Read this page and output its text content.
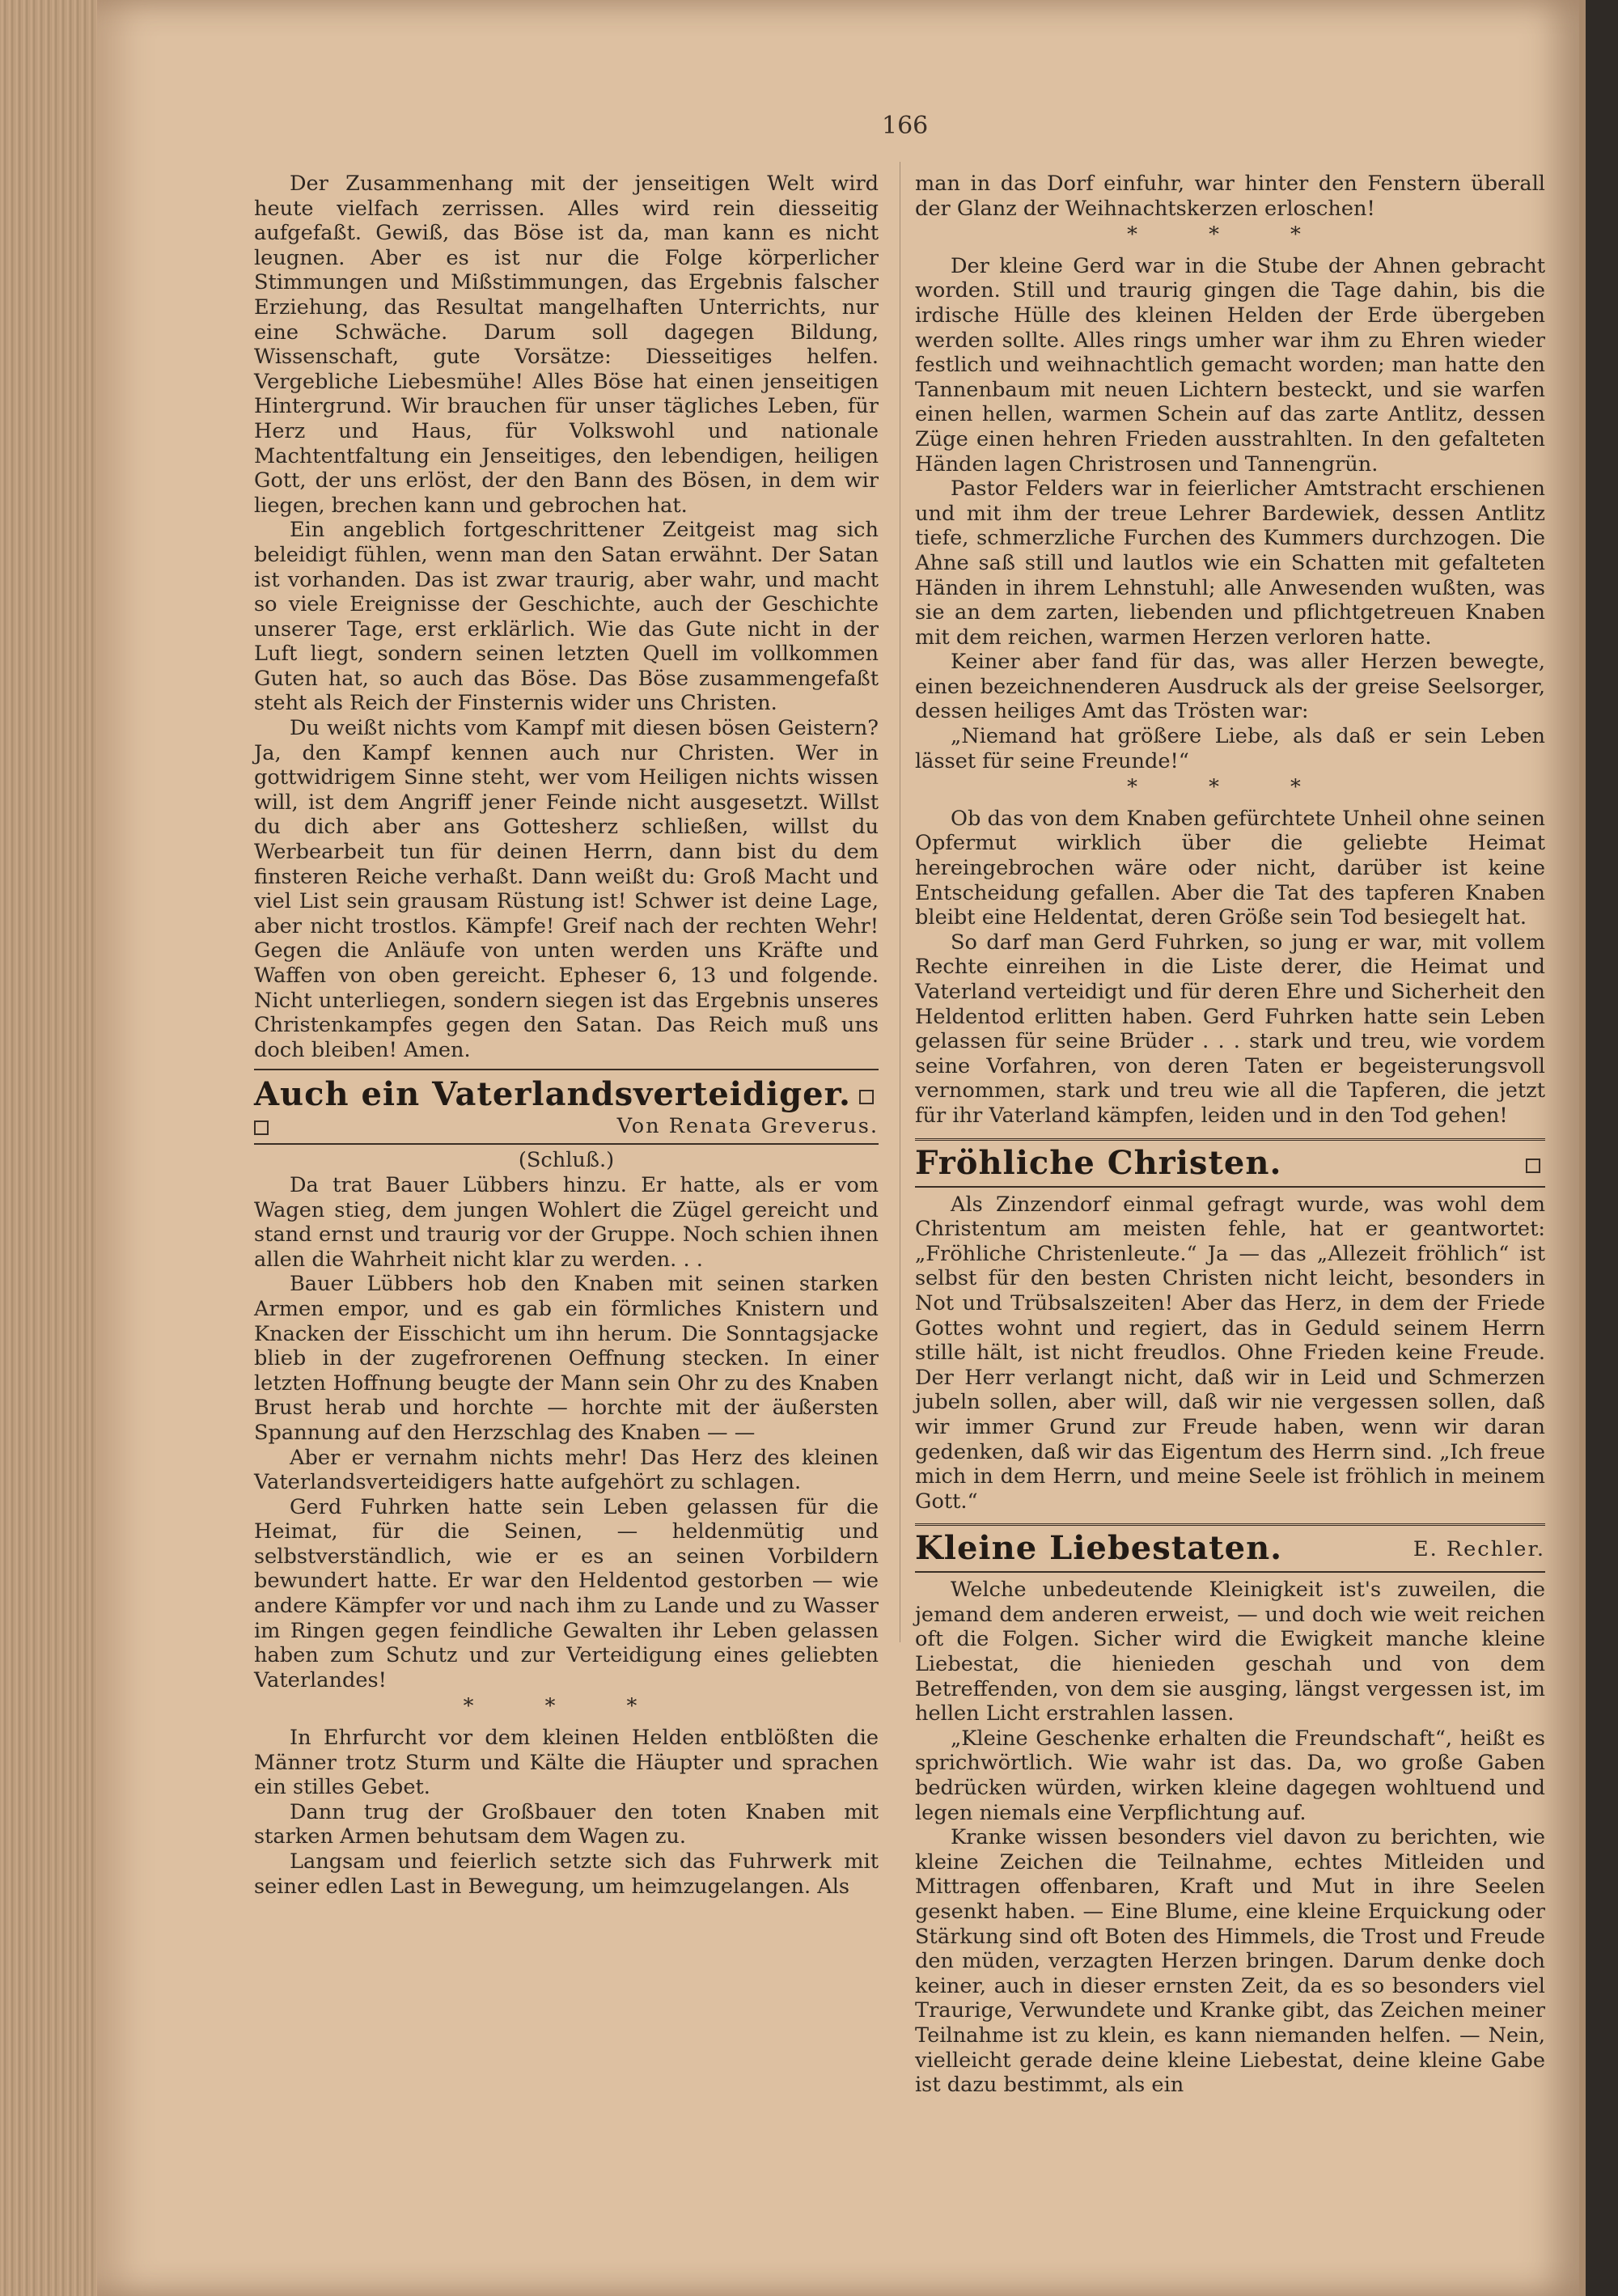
166

Der Zusammenhang mit der jenseitigen Welt wird heute vielfach zerrissen. Alles wird rein diesseitig aufgefaßt. Gewiß, das Böse ist da, man kann es nicht leugnen. Aber es ist nur die Folge körperlicher Stimmungen und Mißstimmungen, das Ergebnis falscher Erziehung, das Resultat mangelhaften Unterrichts, nur eine Schwäche. Darum soll dagegen Bildung, Wissenschaft, gute Vorsätze: Diesseitiges helfen. Vergebliche Liebesmühe! Alles Böse hat einen jenseitigen Hintergrund. Wir brauchen für unser tägliches Leben, für Herz und Haus, für Volkswohl und nationale Machtentfaltung ein Jenseitiges, den lebendigen, heiligen Gott, der uns erlöst, der den Bann des Bösen, in dem wir liegen, brechen kann und gebrochen hat.

Ein angeblich fortgeschrittener Zeitgeist mag sich beleidigt fühlen, wenn man den Satan erwähnt. Der Satan ist vorhanden. Das ist zwar traurig, aber wahr, und macht so viele Ereignisse der Geschichte, auch der Geschichte unserer Tage, erst erklärlich. Wie das Gute nicht in der Luft liegt, sondern seinen letzten Quell im vollkommen Guten hat, so auch das Böse. Das Böse zusammengefaßt steht als Reich der Finsternis wider uns Christen.

Du weißt nichts vom Kampf mit diesen bösen Geistern? Ja, den Kampf kennen auch nur Christen. Wer in gottwidrigem Sinne steht, wer vom Heiligen nichts wissen will, ist dem Angriff jener Feinde nicht ausgesetzt. Willst du dich aber ans Gottesherz schließen, willst du Werbearbeit tun für deinen Herrn, dann bist du dem finsteren Reiche verhaßt. Dann weißt du: Groß Macht und viel List sein grausam Rüstung ist! Schwer ist deine Lage, aber nicht trostlos. Kämpfe! Greif nach der rechten Wehr! Gegen die Anläufe von unten werden uns Kräfte und Waffen von oben gereicht. Epheser 6, 13 und folgende. Nicht unterliegen, sondern siegen ist das Ergebnis unseres Christenkampfes gegen den Satan. Das Reich muß uns doch bleiben! Amen.

Auch ein Vaterlandsverteidiger.
Von Renata Greverus.

(Schluß.)

Da trat Bauer Lübbers hinzu. Er hatte, als er vom Wagen stieg, dem jungen Wohlert die Zügel gereicht und stand ernst und traurig vor der Gruppe. Noch schien ihnen allen die Wahrheit nicht klar zu werden. . .

Bauer Lübbers hob den Knaben mit seinen starken Armen empor, und es gab ein förmliches Knistern und Knacken der Eisschicht um ihn herum. Die Sonntagsjacke blieb in der zugefrorenen Oeffnung stecken. In einer letzten Hoffnung beugte der Mann sein Ohr zu des Knaben Brust herab und horchte — horchte mit der äußersten Spannung auf den Herzschlag des Knaben — —

Aber er vernahm nichts mehr! Das Herz des kleinen Vaterlandsverteidigers hatte aufgehört zu schlagen.

Gerd Fuhrken hatte sein Leben gelassen für die Heimat, für die Seinen, — heldenmütig und selbstverständlich, wie er es an seinen Vorbildern bewundert hatte. Er war den Heldentod gestorben — wie andere Kämpfer vor und nach ihm zu Lande und zu Wasser im Ringen gegen feindliche Gewalten ihr Leben gelassen haben zum Schutz und zur Verteidigung eines geliebten Vaterlandes!

* * *

In Ehrfurcht vor dem kleinen Helden entblößten die Männer trotz Sturm und Kälte die Häupter und sprachen ein stilles Gebet.

Dann trug der Großbauer den toten Knaben mit starken Armen behutsam dem Wagen zu.

Langsam und feierlich setzte sich das Fuhrwerk mit seiner edlen Last in Bewegung, um heimzugelangen. Als

man in das Dorf einfuhr, war hinter den Fenstern überall der Glanz der Weihnachtskerzen erloschen!

* * *

Der kleine Gerd war in die Stube der Ahnen gebracht worden. Still und traurig gingen die Tage dahin, bis die irdische Hülle des kleinen Helden der Erde übergeben werden sollte. Alles rings umher war ihm zu Ehren wieder festlich und weihnachtlich gemacht worden; man hatte den Tannenbaum mit neuen Lichtern besteckt, und sie warfen einen hellen, warmen Schein auf das zarte Antlitz, dessen Züge einen hehren Frieden ausstrahlten. In den gefalteten Händen lagen Christrosen und Tannengrün.

Pastor Felders war in feierlicher Amtstracht erschienen und mit ihm der treue Lehrer Bardewiek, dessen Antlitz tiefe, schmerzliche Furchen des Kummers durchzogen. Die Ahne saß still und lautlos wie ein Schatten mit gefalteten Händen in ihrem Lehnstuhl; alle Anwesenden wußten, was sie an dem zarten, liebenden und pflichtgetreuen Knaben mit dem reichen, warmen Herzen verloren hatte.

Keiner aber fand für das, was aller Herzen bewegte, einen bezeichnenderen Ausdruck als der greise Seelsorger, dessen heiliges Amt das Trösten war:

„Niemand hat größere Liebe, als daß er sein Leben lässet für seine Freunde!“

* * *

Ob das von dem Knaben gefürchtete Unheil ohne seinen Opfermut wirklich über die geliebte Heimat hereingebrochen wäre oder nicht, darüber ist keine Entscheidung gefallen. Aber die Tat des tapferen Knaben bleibt eine Heldentat, deren Größe sein Tod besiegelt hat.

So darf man Gerd Fuhrken, so jung er war, mit vollem Rechte einreihen in die Liste derer, die Heimat und Vaterland verteidigt und für deren Ehre und Sicherheit den Heldentod erlitten haben. Gerd Fuhrken hatte sein Leben gelassen für seine Brüder . . . stark und treu, wie vordem seine Vorfahren, von deren Taten er begeisterungsvoll vernommen, stark und treu wie all die Tapferen, die jetzt für ihr Vaterland kämpfen, leiden und in den Tod gehen!

Fröhliche Christen.

Als Zinzendorf einmal gefragt wurde, was wohl dem Christentum am meisten fehle, hat er geantwortet: „Fröhliche Christenleute.“ Ja — das „Allezeit fröhlich“ ist selbst für den besten Christen nicht leicht, besonders in Not und Trübsalszeiten! Aber das Herz, in dem der Friede Gottes wohnt und regiert, das in Geduld seinem Herrn stille hält, ist nicht freudlos. Ohne Frieden keine Freude. Der Herr verlangt nicht, daß wir in Leid und Schmerzen jubeln sollen, aber will, daß wir nie vergessen sollen, daß wir immer Grund zur Freude haben, wenn wir daran gedenken, daß wir das Eigentum des Herrn sind. „Ich freue mich in dem Herrn, und meine Seele ist fröhlich in meinem Gott.“

Kleine Liebestaten.	E. Rechler.

Welche unbedeutende Kleinigkeit ist's zuweilen, die jemand dem anderen erweist, — und doch wie weit reichen oft die Folgen. Sicher wird die Ewigkeit manche kleine Liebestat, die hienieden geschah und von dem Betreffenden, von dem sie ausging, längst vergessen ist, im hellen Licht erstrahlen lassen.

„Kleine Geschenke erhalten die Freundschaft“, heißt es sprichwörtlich. Wie wahr ist das. Da, wo große Gaben bedrücken würden, wirken kleine dagegen wohltuend und legen niemals eine Verpflichtung auf.

Kranke wissen besonders viel davon zu berichten, wie kleine Zeichen die Teilnahme, echtes Mitleiden und Mittragen offenbaren, Kraft und Mut in ihre Seelen gesenkt haben. — Eine Blume, eine kleine Erquickung oder Stärkung sind oft Boten des Himmels, die Trost und Freude den müden, verzagten Herzen bringen. Darum denke doch keiner, auch in dieser ernsten Zeit, da es so besonders viel Traurige, Verwundete und Kranke gibt, das Zeichen meiner Teilnahme ist zu klein, es kann niemanden helfen. — Nein, vielleicht gerade deine kleine Liebestat, deine kleine Gabe ist dazu bestimmt, als ein
